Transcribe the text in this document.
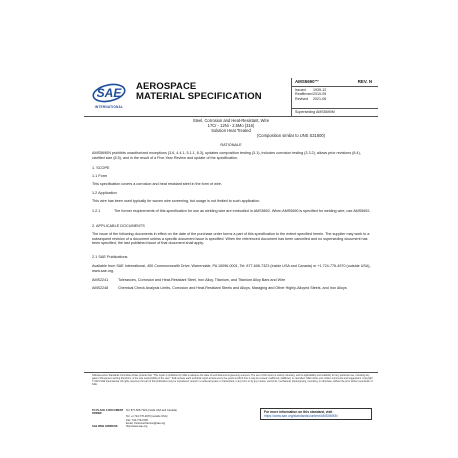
SAE
INTERNATIONAL
AEROSPACE
MATERIAL SPECIFICATION
AMS5690™	REV. N
Issued	1939-12
Reaffirmed 2010-05
Revised	2021-06
Superseding AMS5690M
Steel, Corrosion and Heat-Resistant, Wire
17Cr - 12Ni - 2.5Mo (316)
Solution Heat Treated
(Composition similar to UNS S31600)
RATIONALE
AMS5690N prohibits unauthorized exceptions (3.6, 4.4.1, 5.1.1, 8.3), updates composition testing (3.1), includes corrosion testing (3.3.2), allows prior revisions (8.4), clarified size (8.5), and is the result of a Five-Year Review and update of the specification.
1. SCOPE
1.1 Form
This specification covers a corrosion and heat resistant steel in the form of wire.
1.2 Application
This wire has been used typically for woven wire screening, but usage is not limited to such application.
1.2.1	The former requirements of this specification for use as welding wire are embodied in AMS5692. When AMS5690 is specified for welding wire, use AMS5692.
2. APPLICABLE DOCUMENTS
The issue of the following documents in effect on the date of the purchase order forms a part of this specification to the extent specified herein. The supplier may work to a subsequent revision of a document unless a specific document issue is specified. When the referenced document has been cancelled and no superseding document has been specified, the last published issue of that document shall apply.
2.1 SAE Publications
Available from SAE International, 400 Commonwealth Drive, Warrendale, PA 15096-0001, Tel: 877-606-7323 (inside USA and Canada) or +1 724-776-4970 (outside USA), www.sae.org.
AMS2241	Tolerances, Corrosion and Heat-Resistant Steel, Iron Alloy, Titanium, and Titanium Alloy Bars and Wire
AMS2248	Chemical Check Analysis Limits, Corrosion and Heat-Resistant Steels and Alloys, Maraging and Other Highly-Alloyed Steels, and Iron Alloys
SAE Executive Standards Committee Rules provide that: "This report is published by SAE to advance the state of technical and engineering sciences. The use of this report is entirely voluntary, and its applicability and suitability for any particular use, including any patent infringement arising therefrom, is the sole responsibility of the user." SAE reviews each technical report at least every five years at which time it may be revised, reaffirmed, stabilized, or cancelled. SAE invites your written comments and suggestions. Copyright © 2021 SAE International. All rights reserved. No part of this publication may be reproduced, stored in a retrieval system or transmitted, in any form or by any means, electronic, mechanical, photocopying, recording, or otherwise, without the prior written permission of SAE.
TO PLACE A DOCUMENT ORDER:
Tel: 877-606-7323 (inside USA and Canada)
Tel: +1 724-776-4970 (outside USA)
Fax: 724-776-0790
Email: CustomerService@sae.org
SAE WEB ADDRESS:	http://www.sae.org
For more information on this standard, visit
https://www.sae.org/standards/content/AMS5690N
